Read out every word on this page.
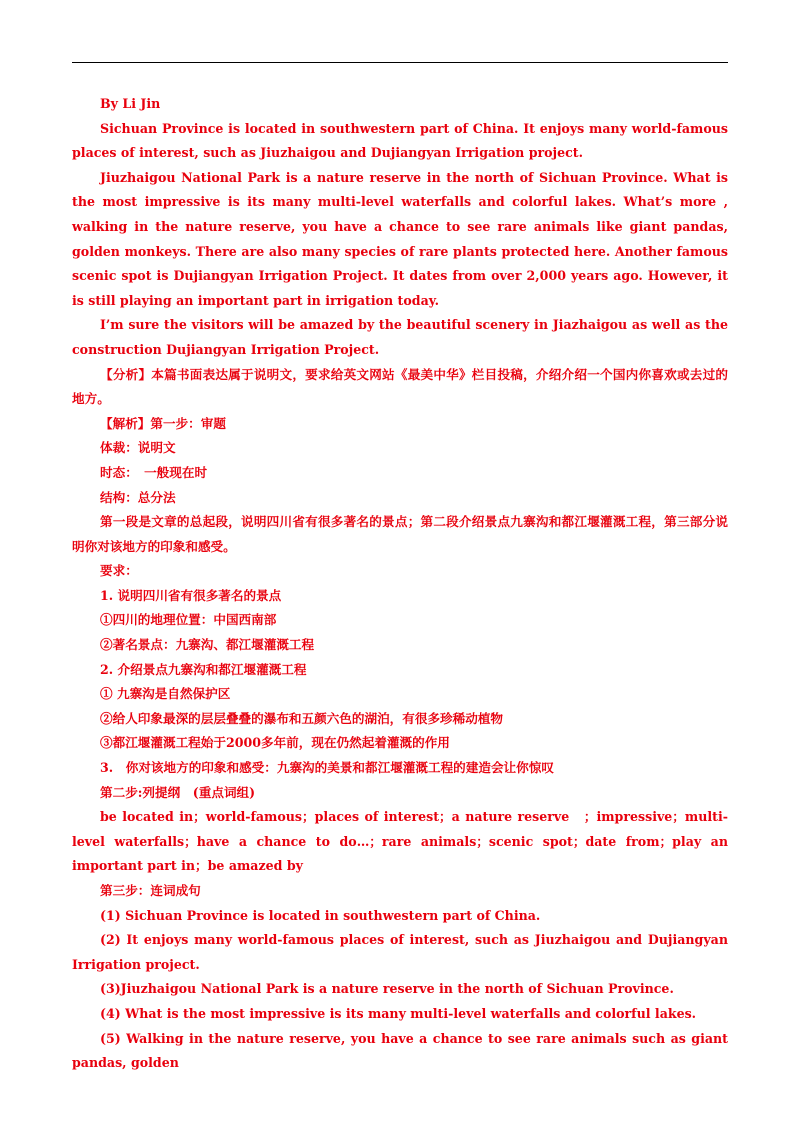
By Li Jin

Sichuan Province is located in southwestern part of China. It enjoys many world-famous places of interest, such as Jiuzhaigou and Dujiangyan Irrigation project.

Jiuzhaigou National Park is a nature reserve in the north of Sichuan Province. What is the most impressive is its many multi-level waterfalls and colorful lakes. What’s more , walking in the nature reserve, you have a chance to see rare animals like giant pandas, golden monkeys. There are also many species of rare plants protected here. Another famous scenic spot is Dujiangyan Irrigation Project. It dates from over 2,000 years ago. However, it is still playing an important part in irrigation today.

I’m sure the visitors will be amazed by the beautiful scenery in Jiazhaigou as well as the construction Dujiangyan Irrigation Project.

【分析】本篇书面表达属于说明文，要求给英文网站《最美中华》栏目投稿，介绍介绍一个国内你喜欢或去过的地方。

【解析】第一步：审题

体裁：说明文

时态：　一般现在时

结构：总分法

第一段是文章的总起段，说明四川省有很多著名的景点；第二段介绍景点九寨沟和都江堰灌溉工程，第三部分说明你对该地方的印象和感受。

要求：

1. 说明四川省有很多著名的景点

①四川的地理位置：中国西南部

②著名景点：九寨沟、都江堰灌溉工程

2. 介绍景点九寨沟和都江堰灌溉工程

① 九寨沟是自然保护区

②给人印象最深的层层叠叠的瀑布和五颜六色的湖泊，有很多珍稀动植物

③都江堰灌溉工程始于2000多年前，现在仍然起着灌溉的作用

3.　你对该地方的印象和感受：九寨沟的美景和都江堰灌溉工程的建造会让你惊叹

第二步:列提纲　(重点词组)

be located in；world-famous；places of interest；a nature reserve　；impressive；multi-level waterfalls；have a chance to do…；rare animals；scenic spot；date from；play an important part in；be amazed by

第三步：连词成句

(1) Sichuan Province is located in southwestern part of China.

(2) It enjoys many world-famous places of interest, such as Jiuzhaigou and Dujiangyan Irrigation project.

(3)Jiuzhaigou National Park is a nature reserve in the north of Sichuan Province.

(4) What is the most impressive is its many multi-level waterfalls and colorful lakes.

(5) Walking in the nature reserve, you have a chance to see rare animals such as giant pandas, golden
